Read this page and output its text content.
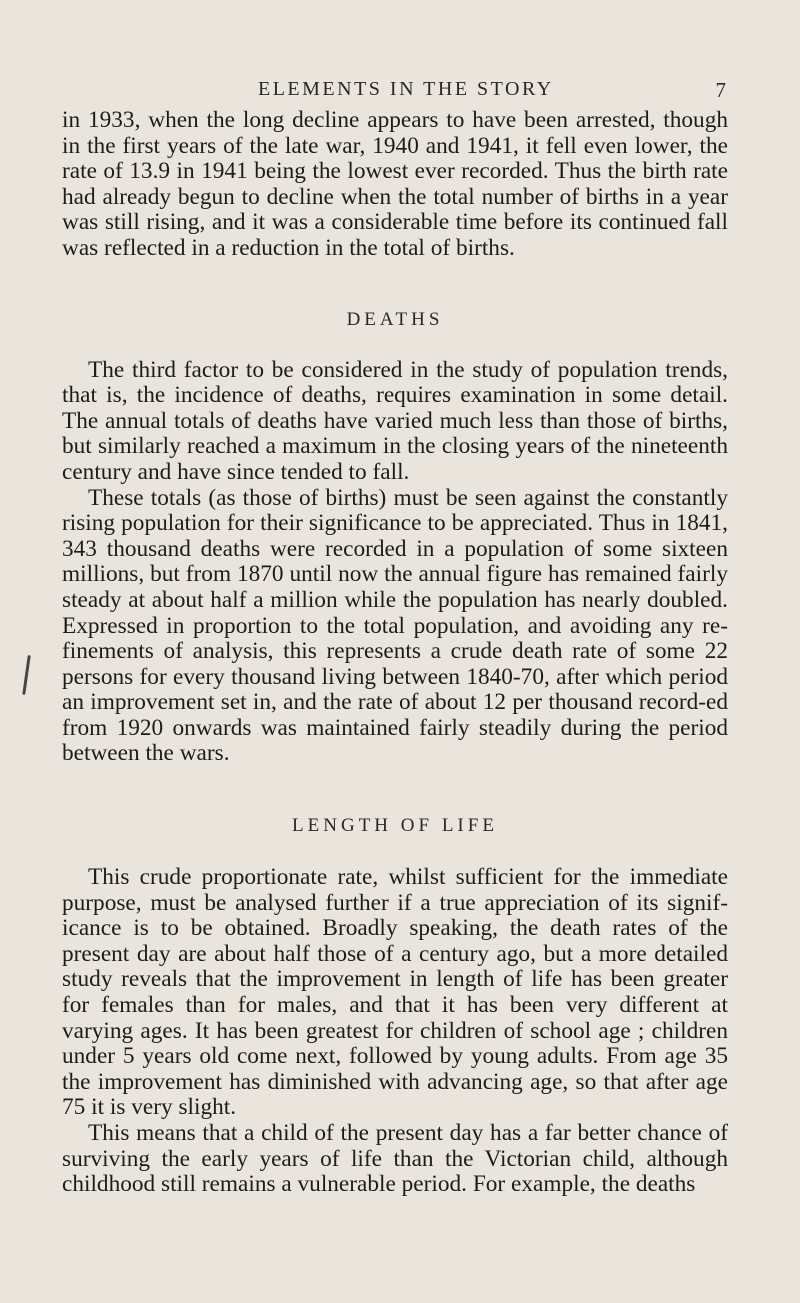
ELEMENTS IN THE STORY	7

in 1933, when the long decline appears to have been arrested, though in the first years of the late war, 1940 and 1941, it fell even lower, the rate of 13.9 in 1941 being the lowest ever recorded. Thus the birth rate had already begun to decline when the total number of births in a year was still rising, and it was a considerable time before its continued fall was reflected in a reduction in the total of births.

DEATHS

The third factor to be considered in the study of population trends, that is, the incidence of deaths, requires examination in some detail. The annual totals of deaths have varied much less than those of births, but similarly reached a maximum in the closing years of the nineteenth century and have since tended to fall.

These totals (as those of births) must be seen against the constantly rising population for their significance to be appreciated. Thus in 1841, 343 thousand deaths were recorded in a population of some sixteen millions, but from 1870 until now the annual figure has remained fairly steady at about half a million while the population has nearly doubled. Expressed in proportion to the total population, and avoiding any re-finements of analysis, this represents a crude death rate of some 22 persons for every thousand living between 1840-70, after which period an improvement set in, and the rate of about 12 per thousand record-ed from 1920 onwards was maintained fairly steadily during the period between the wars.

LENGTH OF LIFE

This crude proportionate rate, whilst sufficient for the immediate purpose, must be analysed further if a true appreciation of its signif-icance is to be obtained. Broadly speaking, the death rates of the present day are about half those of a century ago, but a more detailed study reveals that the improvement in length of life has been greater for females than for males, and that it has been very different at varying ages. It has been greatest for children of school age ; children under 5 years old come next, followed by young adults. From age 35 the improvement has diminished with advancing age, so that after age 75 it is very slight.

This means that a child of the present day has a far better chance of surviving the early years of life than the Victorian child, although childhood still remains a vulnerable period. For example, the deaths
